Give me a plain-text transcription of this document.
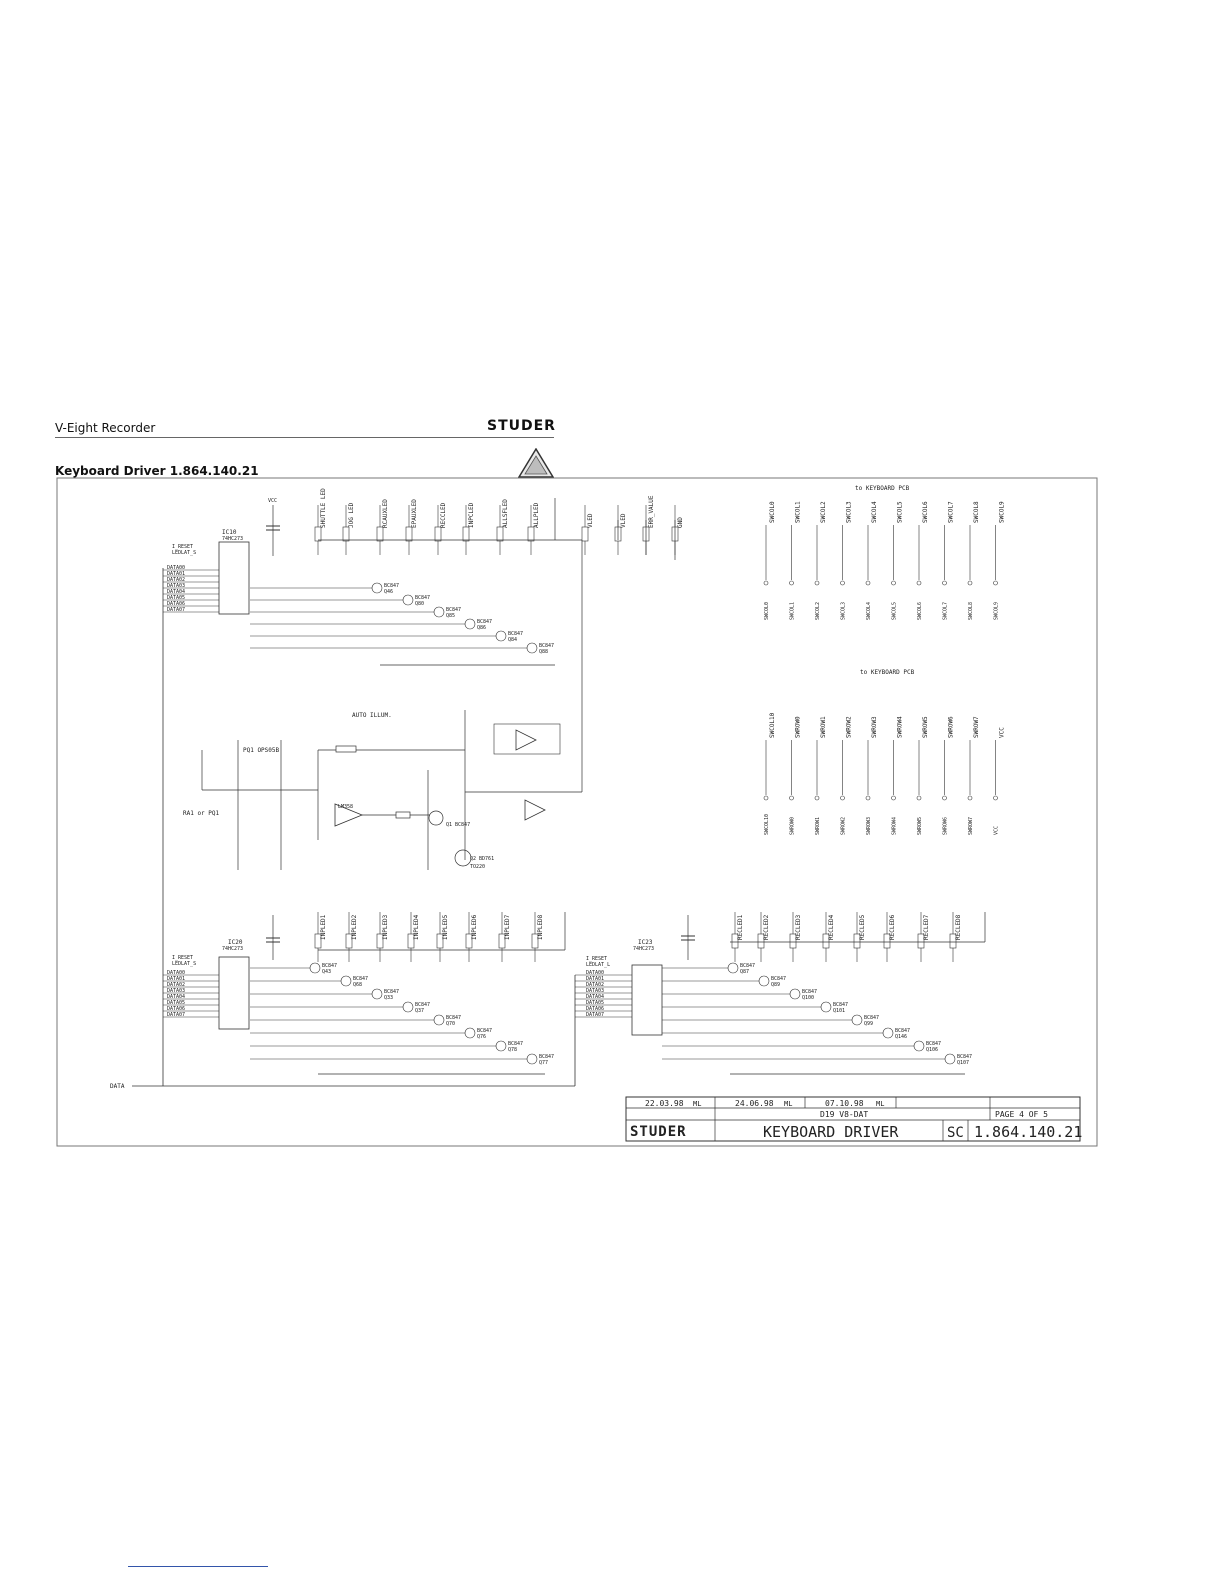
V-Eight Recorder	STUDER
Keyboard Driver 1.864.140.21
to KEYBOARD PCB
IC10
74HC273
I_RESET
LEDLAT_S
DATA00
DATA01
DATA02
DATA03
DATA04
DATA05
DATA06
DATA07
SHUTTLE LED	JOG LED	RCAUXLED	EPAUXLED	RECCLED	INPCLED	ALLSFLED	ALLPLED	VLED	VLED	ERR_VALUE	GND
BC847
Q46
BC847
Q80
BC847
Q85
BC847
Q86
BC847
Q84
BC847
Q88
SWCOL0
SWCOL0
SWCOL1
SWCOL1
SWCOL2
SWCOL2
SWCOL3
SWCOL3
SWCOL4
SWCOL4
SWCOL5
SWCOL5
SWCOL6
SWCOL6
SWCOL7
SWCOL7
SWCOL8
SWCOL8
SWCOL9
SWCOL9
VCC
to KEYBOARD PCB
AUTO ILLUM.
PQ1 OPS05B
RA1 or PQ1
LM358
Q1 BC847
Q2 BD761
TO220
SWCOL10
SWCOL10
SWROW0
SWROW0
SWROW1
SWROW1
SWROW2
SWROW2
SWROW3
SWROW3
SWROW4
SWROW4
SWROW5
SWROW5
SWROW6
SWROW6
SWROW7
SWROW7
VCC
VCC
IC20
74HC273
I_RESET
LEDLAT_S
DATA00
DATA01
DATA02
DATA03
DATA04
DATA05
DATA06
DATA07
INPLED1	INPLED2	INPLED3	INPLED4	INPLED5	INPLED6	INPLED7	INPLED8
BC847
Q43
BC847
Q68
BC847
Q33
BC847
Q37
BC847
Q70
BC847
Q76
BC847
Q78
BC847
Q77
IC23
74HC273
I_RESET
LEDLAT_L
DATA00
DATA01
DATA02
DATA03
DATA04
DATA05
DATA06
DATA07
RECLED1	RECLED2	RECLED3	RECLED4	RECLED5	RECLED6	RECLED7	RECLED8
BC847
Q87
BC847
Q89
BC847
Q100
BC847
Q101
BC847
Q99
BC847
Q146
BC847
Q106
BC847
Q107
DATA
22.03.98 ML	24.06.98 ML	07.10.98 ML
D19 V8-DAT	PAGE 4 OF 5
STUDER	KEYBOARD DRIVER	SC 1.864.140.21
